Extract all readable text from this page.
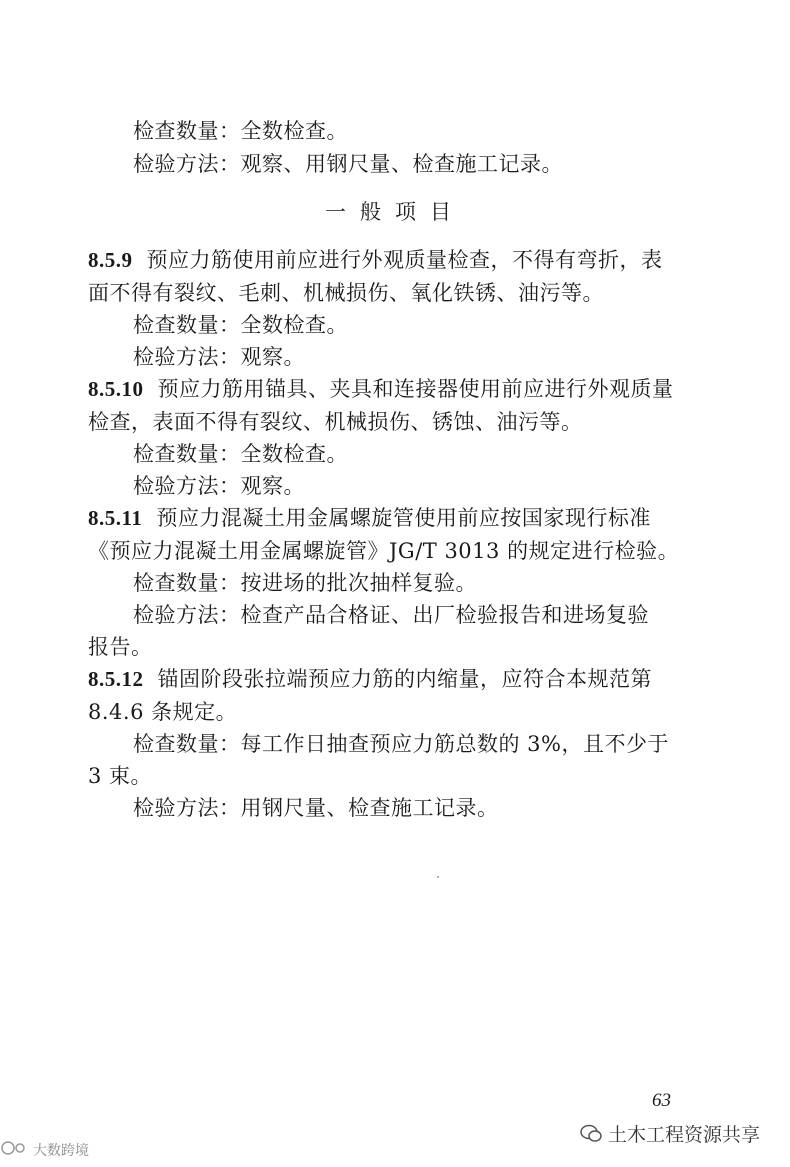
检查数量：全数检查。
检验方法：观察、用钢尺量、检查施工记录。
一般项目
8.5.9 预应力筋使用前应进行外观质量检查，不得有弯折，表
面不得有裂纹、毛刺、机械损伤、氧化铁锈、油污等。
检查数量：全数检查。
检验方法：观察。
8.5.10 预应力筋用锚具、夹具和连接器使用前应进行外观质量
检查，表面不得有裂纹、机械损伤、锈蚀、油污等。
检查数量：全数检查。
检验方法：观察。
8.5.11 预应力混凝土用金属螺旋管使用前应按国家现行标准
《预应力混凝土用金属螺旋管》JG/T 3013 的规定进行检验。
检查数量：按进场的批次抽样复验。
检验方法：检查产品合格证、出厂检验报告和进场复验
报告。
8.5.12 锚固阶段张拉端预应力筋的内缩量，应符合本规范第
8.4.6 条规定。
检查数量：每工作日抽查预应力筋总数的 3%，且不少于
3 束。
检验方法：用钢尺量、检查施工记录。
63
土木工程资源共享
大数跨境
